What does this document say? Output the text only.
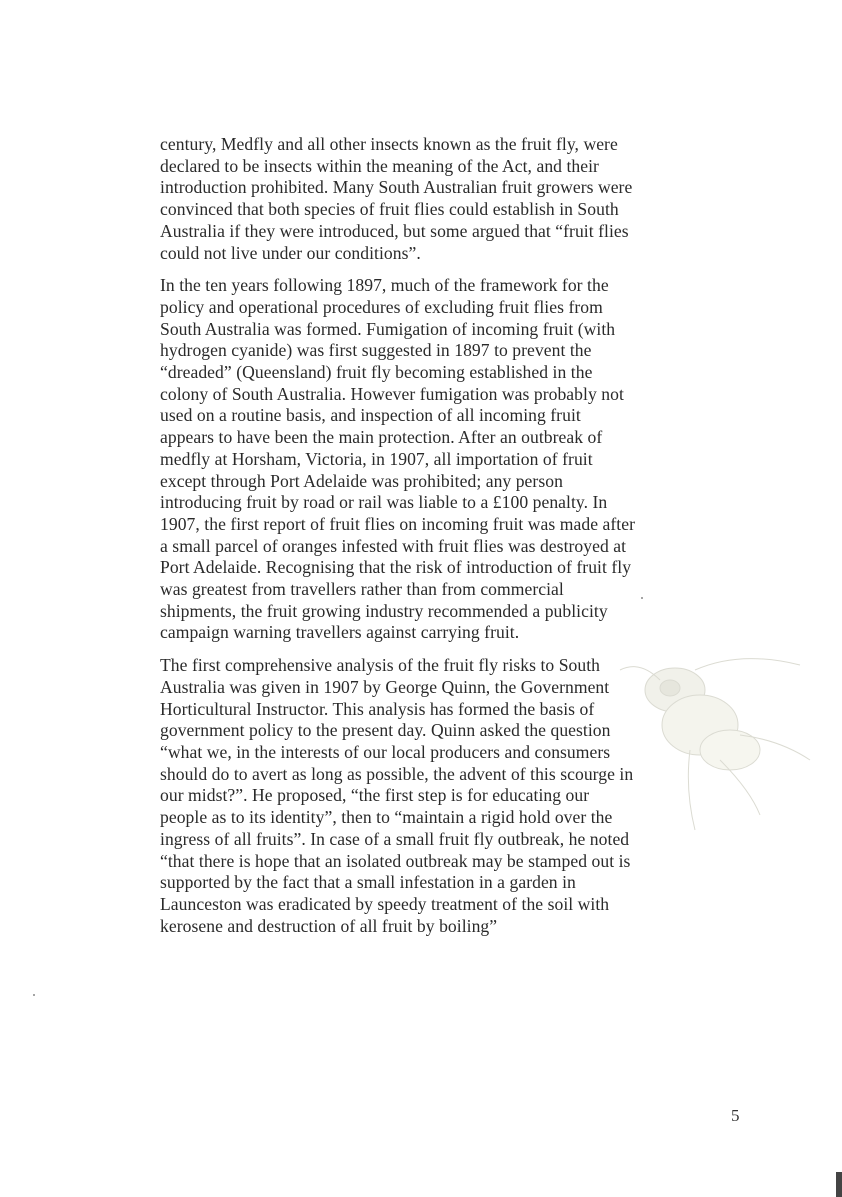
century, Medfly and all other insects known as the fruit fly, were declared to be insects within the meaning of the Act, and their introduction prohibited. Many South Australian fruit growers were convinced that both species of fruit flies could establish in South Australia if they were introduced, but some argued that “fruit flies could not live under our conditions”.

In the ten years following 1897, much of the framework for the policy and operational procedures of excluding fruit flies from South Australia was formed. Fumigation of incoming fruit (with hydrogen cyanide) was first suggested in 1897 to prevent the “dreaded” (Queensland) fruit fly becoming established in the colony of South Australia. However fumigation was probably not used on a routine basis, and inspection of all incoming fruit appears to have been the main protection. After an outbreak of medfly at Horsham, Victoria, in 1907, all importation of fruit except through Port Adelaide was prohibited; any person introducing fruit by road or rail was liable to a £100 penalty. In 1907, the first report of fruit flies on incoming fruit was made after a small parcel of oranges infested with fruit flies was destroyed at Port Adelaide. Recognising that the risk of introduction of fruit fly was greatest from travellers rather than from commercial shipments, the fruit growing industry recommended a publicity campaign warning travellers against carrying fruit.

The first comprehensive analysis of the fruit fly risks to South Australia was given in 1907 by George Quinn, the Government Horticultural Instructor. This analysis has formed the basis of government policy to the present day. Quinn asked the question “what we, in the interests of our local producers and consumers should do to avert as long as possible, the advent of this scourge in our midst?”. He proposed, “the first step is for educating our people as to its identity”, then to “maintain a rigid hold over the ingress of all fruits”. In case of a small fruit fly outbreak, he noted “that there is hope that an isolated outbreak may be stamped out is supported by the fact that a small infestation in a garden in Launceston was eradicated by speedy treatment of the soil with kerosene and destruction of all fruit by boiling”

5
